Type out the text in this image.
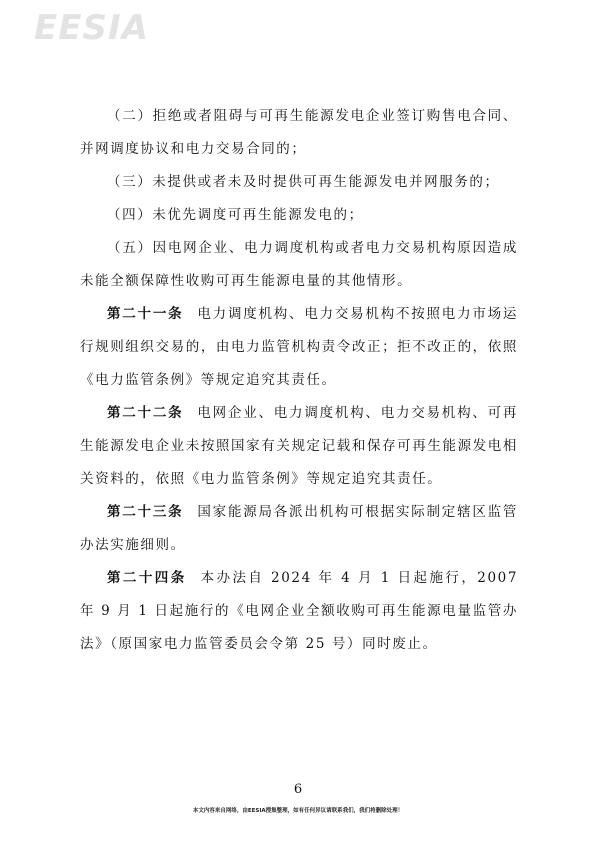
EESIA

（二）拒绝或者阻碍与可再生能源发电企业签订购售电合同、并网调度协议和电力交易合同的；

（三）未提供或者未及时提供可再生能源发电并网服务的；

（四）未优先调度可再生能源发电的；

（五）因电网企业、电力调度机构或者电力交易机构原因造成未能全额保障性收购可再生能源电量的其他情形。

第二十一条 电力调度机构、电力交易机构不按照电力市场运行规则组织交易的，由电力监管机构责令改正；拒不改正的，依照《电力监管条例》等规定追究其责任。

第二十二条 电网企业、电力调度机构、电力交易机构、可再生能源发电企业未按照国家有关规定记载和保存可再生能源发电相关资料的，依照《电力监管条例》等规定追究其责任。

第二十三条 国家能源局各派出机构可根据实际制定辖区监管办法实施细则。

第二十四条 本办法自 2024 年 4 月 1 日起施行，2007 年 9 月 1 日起施行的《电网企业全额收购可再生能源电量监管办法》（原国家电力监管委员会令第 25 号）同时废止。

6
本文内容来自网络，由EESIA搜集整理，如有任何异议请联系我们，我们将删除处理！
